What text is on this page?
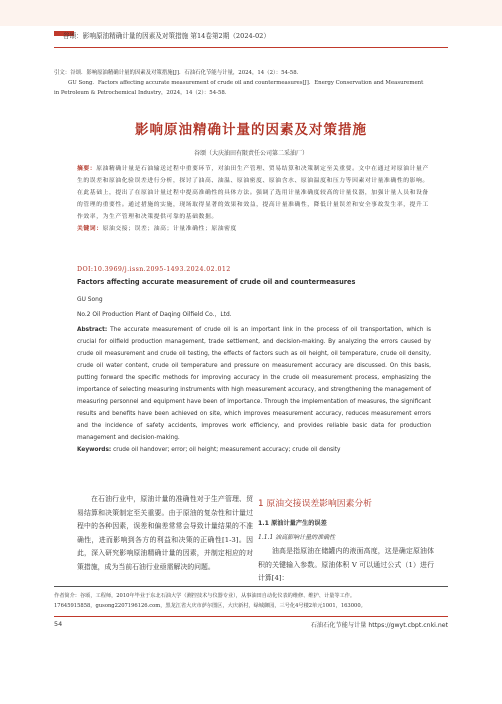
谷颂：影响原油精确计量的因素及对策措施 第14卷第2期（2024-02）
引文：谷颂．影响原油精确计量的因素及对策措施[J]．石油石化节能与计量，2024，14（2）：54-58．
GU Song．Factors affecting accurate measurement of crude oil and countermeasures[J]．Energy Conservation and Measurement
in Petroleum & Petrochemical Industry，2024，14（2）：54-58．
影响原油精确计量的因素及对策措施
谷颂（大庆油田有限责任公司第二采油厂）
摘要：原油精确计量是石油输送过程中重要环节，对油田生产管理、贸易结算和决策制定至关重要。文中在通过对原油计量产生的误差和原油化验误差进行分析，探讨了油高、油温、原油密度、原油含水、原油温度和压力等因素对计量准确性的影响。在此基础上，提出了在原油计量过程中提高准确性的具体方法。强调了选用计量准确度较高的计量仪器，加强计量人员和设备的管理的重要性。通过措施的实施，现场取得显著的效果和效益，提高计量准确性，降低计量误差和安全事故发生率，提升工作效率，为生产管理和决策提供可靠的基础数据。
关键词：原油交接；误差；油高；计量准确性；原油密度
DOI:10.3969/j.issn.2095-1493.2024.02.012
Factors affecting accurate measurement of crude oil and countermeasures
GU Song
No.2 Oil Production Plant of Daqing Oilfield Co.，Ltd.
Abstract: The accurate measurement of crude oil is an important link in the process of oil transportation, which is crucial for oilfield production management, trade settlement, and decision-making. By analyzing the errors caused by crude oil measurement and crude oil testing, the effects of factors such as oil height, oil temperature, crude oil density, crude oil water content, crude oil temperature and pressure on measurement accuracy are discussed. On this basis, putting forward the specific methods for improving accuracy in the crude oil measurement process, emphasizing the importance of selecting measuring instruments with high measurement accuracy, and strengthening the management of measuring personnel and equipment have been of importance. Through the implementation of measures, the significant results and benefits have been achieved on site, which improves measurement accuracy, reduces measurement errors and the incidence of safety accidents, improves work efficiency, and provides reliable basic data for production management and decision-making.
Keywords: crude oil handover; error; oil height; measurement accuracy; crude oil density
在石油行业中，原油计量的准确性对于生产管理、贸易结算和决策制定至关重要。由于原油的复杂性和计量过程中的各种因素，误差和偏差常常会导致计量结果的不准确性，进而影响到各方的利益和决策的正确性[1-3]。因此，深入研究影响原油精确计量的因素，并制定相应的对策措施，成为当前石油行业亟需解决的问题。
1 原油交接误差影响因素分析
1.1 原油计量产生的误差
1.1.1 油高影响计量的准确性
油高是指原油在储罐内的液面高度，这是确定原油体积的关键输入参数。原油体积 V 可以通过公式（1）进行计算[4]：
作者简介：谷颂，工程师，2010年毕业于东北石油大学（测控技术与仪器专业），从事油田自动化仪表的维修、维护、计量等工作。
17645915858，gusong2207196126.com，黑龙江省大庆市萨尔图区，大庆新村，绿城御园，三号化4号楼2单元1001，163000。
54	石油石化节能与计量 https://gwyt.cbpt.cnki.net
